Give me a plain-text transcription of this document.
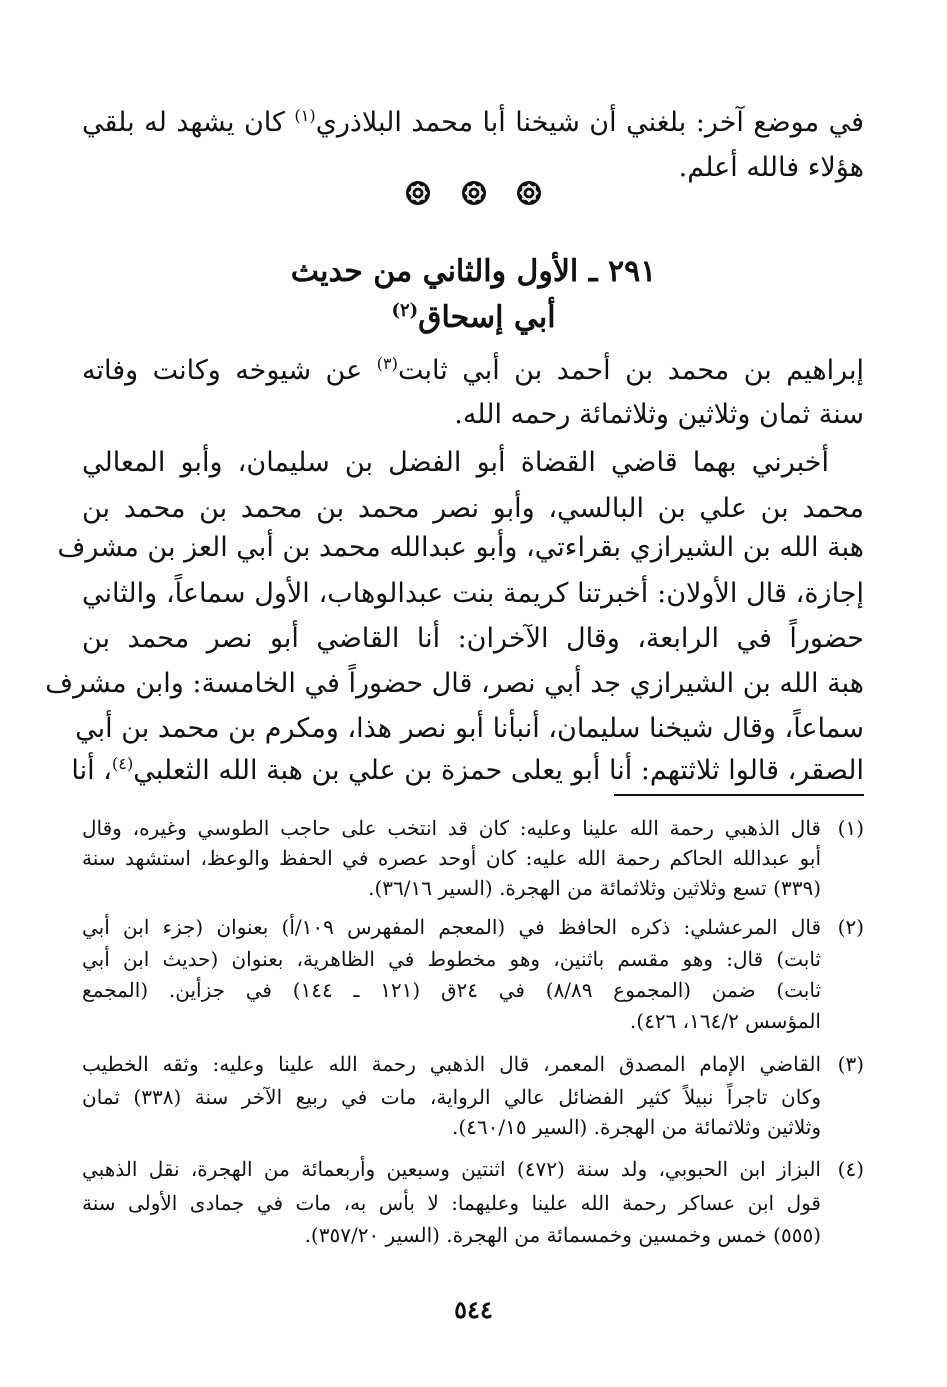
في موضع آخر: بلغني أن شيخنا أبا محمد البلاذري$^{(١)}$ كان يشهد له بلقي
هؤلاء فالله أعلم.

٢٩١ ـ الأول والثاني من حديث
أبي إسحاق$^{(٢)}$
إبراهيم بن محمد بن أحمد بن أبي ثابت$^{(٣)}$ عن شيوخه وكانت وفاته
سنة ثمان وثلاثين وثلاثمائة رحمه الله.
أخبرني بهما قاضي القضاة أبو الفضل بن سليمان، وأبو المعالي
محمد بن علي بن البالسي، وأبو نصر محمد بن محمد بن محمد بن
هبة الله بن الشيرازي بقراءتي، وأبو عبدالله محمد بن أبي العز بن مشرف
إجازة، قال الأولان: أخبرتنا كريمة بنت عبدالوهاب، الأول سماعاً، والثاني
حضوراً في الرابعة، وقال الآخران: أنا القاضي أبو نصر محمد بن
هبة الله بن الشيرازي جد أبي نصر، قال حضوراً في الخامسة: وابن مشرف
سماعاً، وقال شيخنا سليمان، أنبأنا أبو نصر هذا، ومكرم بن محمد بن أبي
الصقر، قالوا ثلاثتهم: أنا أبو يعلى حمزة بن علي بن هبة الله الثعلبي$^{(٤)}$، أنا
(١)قال الذهبي رحمة الله علينا وعليه: كان قد انتخب على حاجب الطوسي وغيره، وقال
أبو عبدالله الحاكم رحمة الله عليه: كان أوحد عصره في الحفظ والوعظ، استشهد سنة
(٣٣٩) تسع وثلاثين وثلاثمائة من الهجرة. (السير ٣٦/١٦).
(٢)قال المرعشلي: ذكره الحافظ في (المعجم المفهرس ١٠٩/أ) بعنوان (جزء ابن أبي
ثابت) قال: وهو مقسم باثنين، وهو مخطوط في الظاهرية، بعنوان (حديث ابن أبي
ثابت) ضمن (المجموع ٨/٨٩) في ٢٤ق (١٢١ ـ ١٤٤) في جزأين. (المجمع
المؤسس ١٦٤/٢، ٤٢٦).
(٣)القاضي الإمام المصدق المعمر، قال الذهبي رحمة الله علينا وعليه: وثقه الخطيب
وكان تاجراً نبيلاً كثير الفضائل عالي الرواية، مات في ربيع الآخر سنة (٣٣٨) ثمان
وثلاثين وثلاثمائة من الهجرة. (السير ٤٦٠/١٥).
(٤)البزاز ابن الحبوبي، ولد سنة (٤٧٢) اثنتين وسبعين وأربعمائة من الهجرة، نقل الذهبي
قول ابن عساكر رحمة الله علينا وعليهما: لا بأس به، مات في جمادى الأولى سنة
(٥٥٥) خمس وخمسين وخمسمائة من الهجرة. (السير ٣٥٧/٢٠).
٥٤٤
